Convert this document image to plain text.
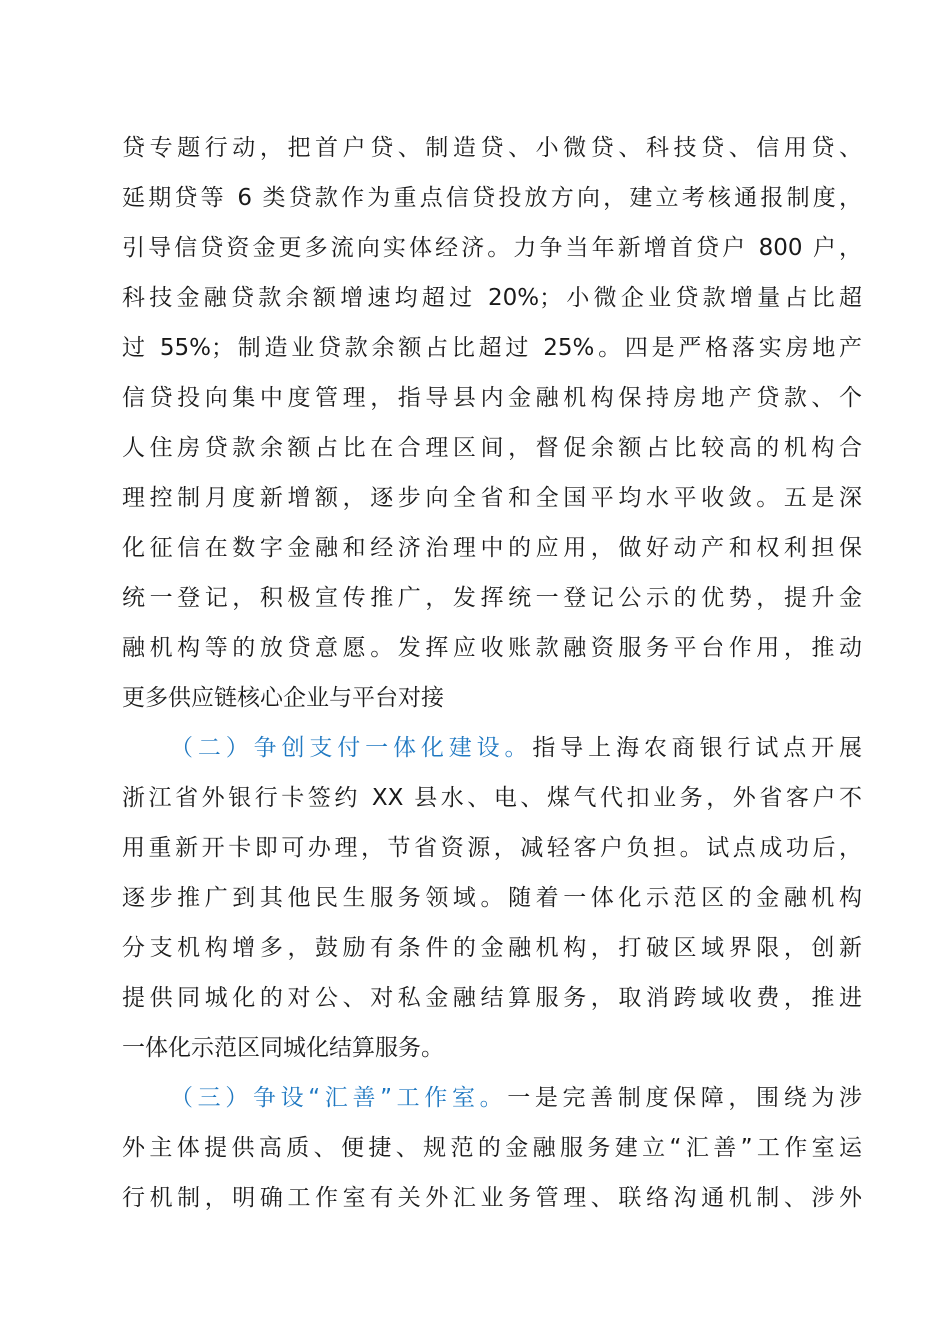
贷专题行动，把首户贷、制造贷、小微贷、科技贷、信用贷、
延期贷等 6 类贷款作为重点信贷投放方向，建立考核通报制度，
引导信贷资金更多流向实体经济。力争当年新增首贷户 800 户，
科技金融贷款余额增速均超过 20%；小微企业贷款增量占比超
过 55%；制造业贷款余额占比超过 25%。四是严格落实房地产
信贷投向集中度管理，指导县内金融机构保持房地产贷款、个
人住房贷款余额占比在合理区间，督促余额占比较高的机构合
理控制月度新增额，逐步向全省和全国平均水平收敛。五是深
化征信在数字金融和经济治理中的应用，做好动产和权利担保
统一登记，积极宣传推广，发挥统一登记公示的优势，提升金
融机构等的放贷意愿。发挥应收账款融资服务平台作用，推动
更多供应链核心企业与平台对接
（二）争创支付一体化建设。指导上海农商银行试点开展
浙江省外银行卡签约 XX 县水、电、煤气代扣业务，外省客户不
用重新开卡即可办理，节省资源，减轻客户负担。试点成功后，
逐步推广到其他民生服务领域。随着一体化示范区的金融机构
分支机构增多，鼓励有条件的金融机构，打破区域界限，创新
提供同城化的对公、对私金融结算服务，取消跨域收费，推进
一体化示范区同城化结算服务。
（三）争设“汇善”工作室。一是完善制度保障，围绕为涉
外主体提供高质、便捷、规范的金融服务建立“汇善”工作室运
行机制，明确工作室有关外汇业务管理、联络沟通机制、涉外
